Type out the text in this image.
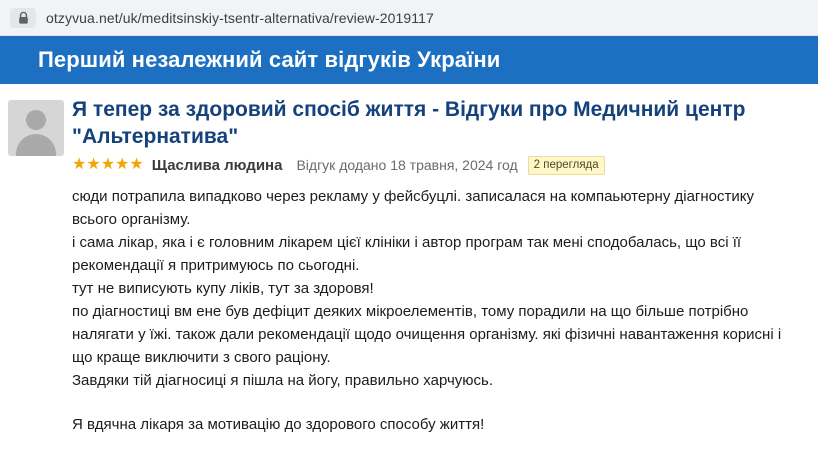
otzyvua.net/uk/meditsinskiy-tsentr-alternativa/review-2019117
Перший незалежний сайт відгуків України
Я тепер за здоровий спосіб життя - Відгуки про Медичний центр "Альтернатива"
★★★★★ Щаслива людина Відгук додано 18 травня, 2024 год	2 перегляда

сюди потрапила випадково через рекламу у фейсбуцлі. записалася на компаьютерну діагностику всього організму.

і сама лікар, яка і є головним лікарем цієї клініки і автор програм так мені сподобалась, що всі її рекомендації я притримуюсь по сьогодні.

тут не виписують купу ліків, тут за здоровя!

по діагностиці вм ене був дефіцит деяких мікроелементів, тому порадили на що більше потрібно налягати у їжі. також дали рекомендації щодо очищення організму. які фізичні навантаження корисні і що краще виключити з свого раціону.

Завдяки тій діагносиці я пішла на йогу, правильно харчуюсь.

Я вдячна лікаря за мотивацію до здорового способу життя!
